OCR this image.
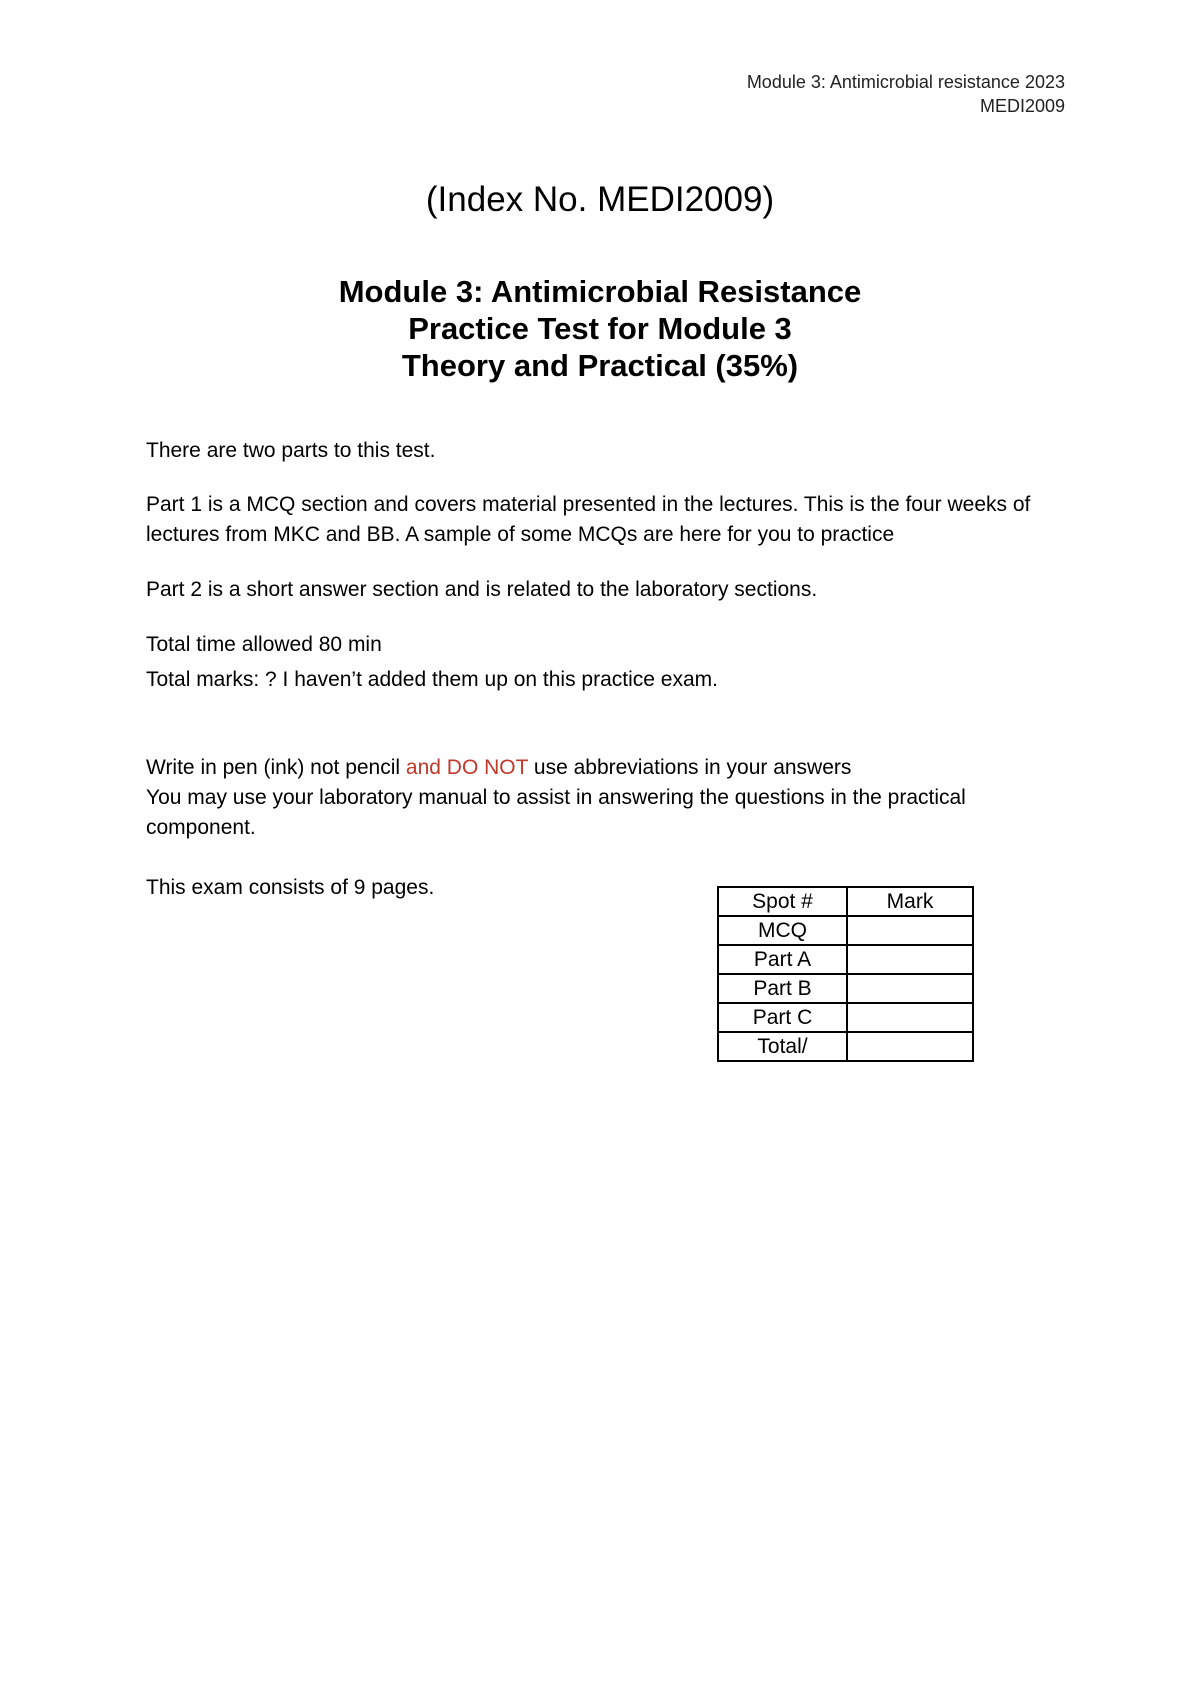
Module 3: Antimicrobial resistance 2023
MEDI2009
(Index No. MEDI2009)
Module 3: Antimicrobial Resistance
Practice Test for Module 3
Theory and Practical (35%)
There are two parts to this test.
Part 1 is a MCQ section and covers material presented in the lectures. This is the four weeks of lectures from MKC and BB. A sample of some MCQs are here for you to practice
Part 2 is a short answer section and is related to the laboratory sections.
Total time allowed 80 min
Total marks: ? I haven’t added them up on this practice exam.
Write in pen (ink) not pencil and DO NOT use abbreviations in your answers
You may use your laboratory manual to assist in answering the questions in the practical component.
This exam consists of 9 pages.
Spot #	Mark
MCQ	
Part A	
Part B	
Part C	
Total/	
